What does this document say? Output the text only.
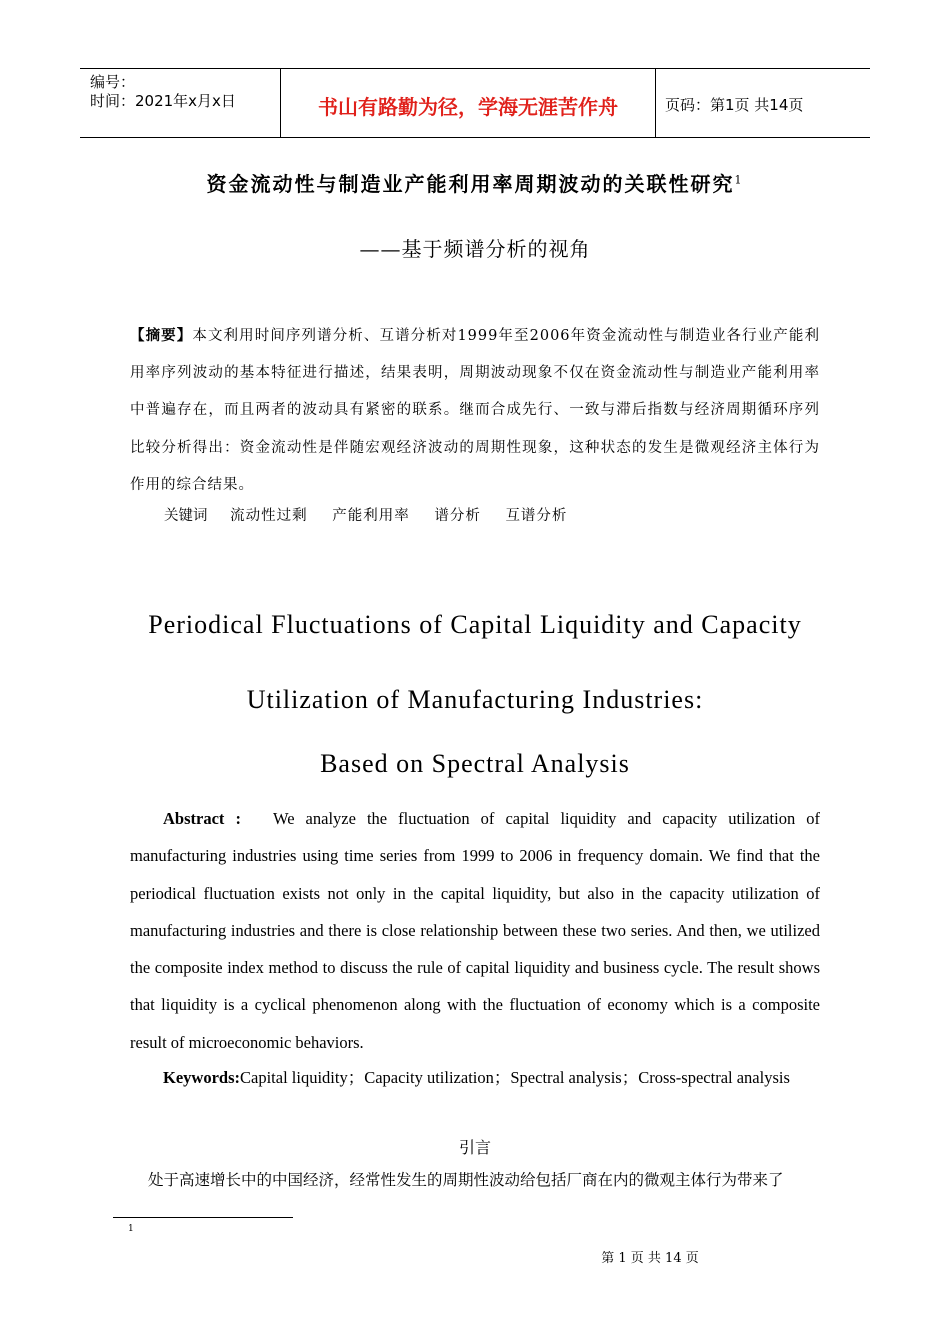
编号：
时间：2021年x月x日	书山有路勤为径，学海无涯苦作舟	页码：第1页 共14页
资金流动性与制造业产能利用率周期波动的关联性研究$^1$
——基于频谱分析的视角
【摘要】本文利用时间序列谱分析、互谱分析对1999年至2006年资金流动性与制造业各行业产能利用率序列波动的基本特征进行描述，结果表明，周期波动现象不仅在资金流动性与制造业产能利用率中普遍存在，而且两者的波动具有紧密的联系。继而合成先行、一致与滞后指数与经济周期循环序列比较分析得出：资金流动性是伴随宏观经济波动的周期性现象，这种状态的发生是微观经济主体行为作用的综合结果。
关键词 流动性过剩 产能利用率 谱分析 互谱分析
Periodical Fluctuations of Capital Liquidity and Capacity
Utilization of Manufacturing Industries:
Based on Spectral Analysis
Abstract : We analyze the fluctuation of capital liquidity and capacity utilization of manufacturing industries using time series from 1999 to 2006 in frequency domain. We find that the periodical fluctuation exists not only in the capital liquidity, but also in the capacity utilization of manufacturing industries and there is close relationship between these two series. And then, we utilized the composite index method to discuss the rule of capital liquidity and business cycle. The result shows that liquidity is a cyclical phenomenon along with the fluctuation of economy which is a composite result of microeconomic behaviors.
Keywords:Capital liquidity；Capacity utilization；Spectral analysis；Cross-spectral analysis
引言
处于高速增长中的中国经济，经常性发生的周期性波动给包括厂商在内的微观主体行为带来了
1
第 1 页 共 14 页
